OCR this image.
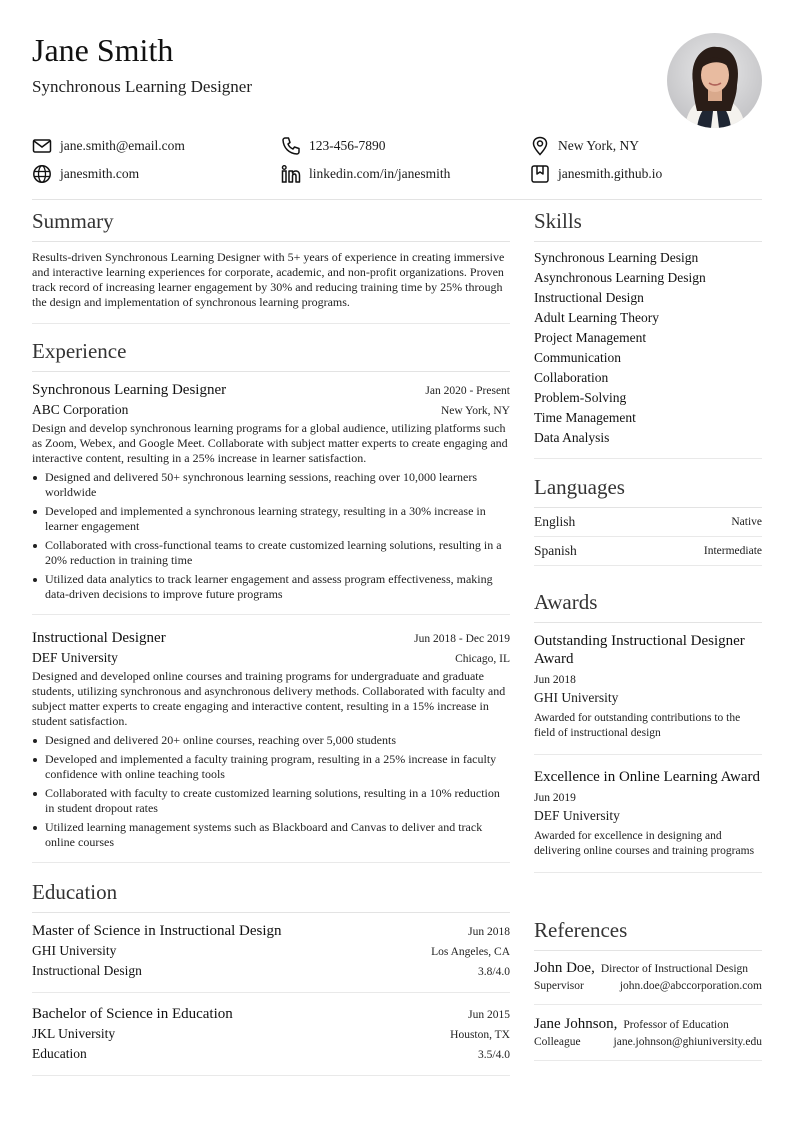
Jane Smith
Synchronous Learning Designer
jane.smith@email.com	123-456-7890	New York, NY
janesmith.com	linkedin.com/in/janesmith	janesmith.github.io
Summary
Results-driven Synchronous Learning Designer with 5+ years of experience in creating immersive and interactive learning experiences for corporate, academic, and non-profit organizations. Proven track record of increasing learner engagement by 30% and reducing training time by 25% through the design and implementation of synchronous learning programs.
Experience
Synchronous Learning Designer	Jan 2020 - Present
ABC Corporation	New York, NY
Design and develop synchronous learning programs for a global audience, utilizing platforms such as Zoom, Webex, and Google Meet. Collaborate with subject matter experts to create engaging and interactive content, resulting in a 25% increase in learner satisfaction.
Designed and delivered 50+ synchronous learning sessions, reaching over 10,000 learners worldwide
Developed and implemented a synchronous learning strategy, resulting in a 30% increase in learner engagement
Collaborated with cross-functional teams to create customized learning solutions, resulting in a 20% reduction in training time
Utilized data analytics to track learner engagement and assess program effectiveness, making data-driven decisions to improve future programs
Instructional Designer	Jun 2018 - Dec 2019
DEF University	Chicago, IL
Designed and developed online courses and training programs for undergraduate and graduate students, utilizing synchronous and asynchronous delivery methods. Collaborated with faculty and subject matter experts to create engaging and interactive content, resulting in a 15% increase in student satisfaction.
Designed and delivered 20+ online courses, reaching over 5,000 students
Developed and implemented a faculty training program, resulting in a 25% increase in faculty confidence with online teaching tools
Collaborated with faculty to create customized learning solutions, resulting in a 10% reduction in student dropout rates
Utilized learning management systems such as Blackboard and Canvas to deliver and track online courses
Education
Master of Science in Instructional Design	Jun 2018
GHI University	Los Angeles, CA
Instructional Design	3.8/4.0
Bachelor of Science in Education	Jun 2015
JKL University	Houston, TX
Education	3.5/4.0
Skills
Synchronous Learning Design
Asynchronous Learning Design
Instructional Design
Adult Learning Theory
Project Management
Communication
Collaboration
Problem-Solving
Time Management
Data Analysis
Languages
English	Native
Spanish	Intermediate
Awards
Outstanding Instructional Designer Award
Jun 2018
GHI University
Awarded for outstanding contributions to the field of instructional design
Excellence in Online Learning Award
Jun 2019
DEF University
Awarded for excellence in designing and delivering online courses and training programs
References
John Doe, Director of Instructional Design
Supervisor	john.doe@abccorporation.com
Jane Johnson, Professor of Education
Colleague	jane.johnson@ghiuniversity.edu
